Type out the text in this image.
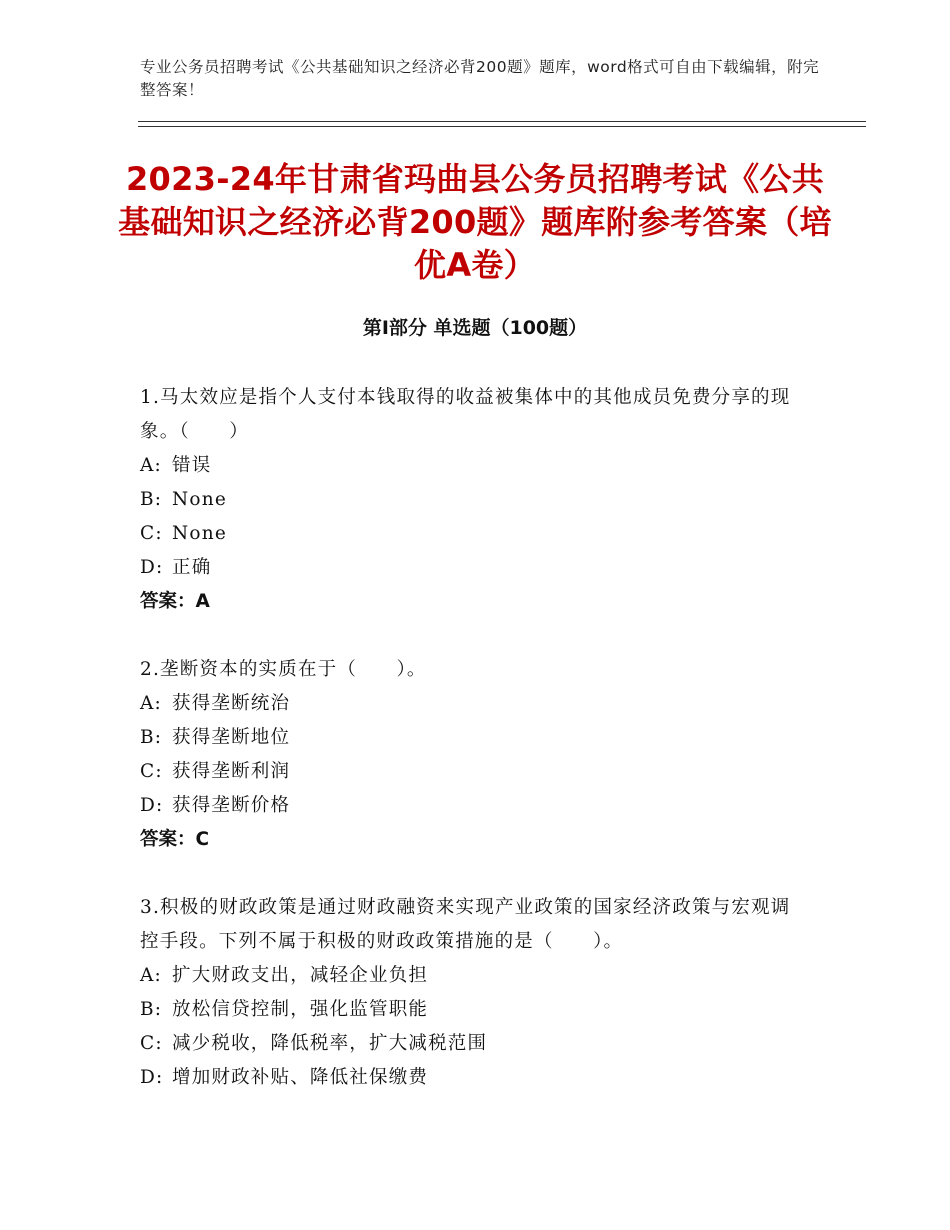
专业公务员招聘考试《公共基础知识之经济必背200题》题库，word格式可自由下载编辑，附完整答案！
2023-24年甘肃省玛曲县公务员招聘考试《公共基础知识之经济必背200题》题库附参考答案（培优A卷）
第I部分 单选题（100题）
1.马太效应是指个人支付本钱取得的收益被集体中的其他成员免费分享的现象。（　　）
A: 错误
B: None
C: None
D: 正确
答案：A
2.垄断资本的实质在于（　　）。
A: 获得垄断统治
B: 获得垄断地位
C: 获得垄断利润
D: 获得垄断价格
答案：C
3.积极的财政政策是通过财政融资来实现产业政策的国家经济政策与宏观调控手段。下列不属于积极的财政政策措施的是（　　）。
A: 扩大财政支出，减轻企业负担
B: 放松信贷控制，强化监管职能
C: 减少税收，降低税率，扩大减税范围
D: 增加财政补贴、降低社保缴费
